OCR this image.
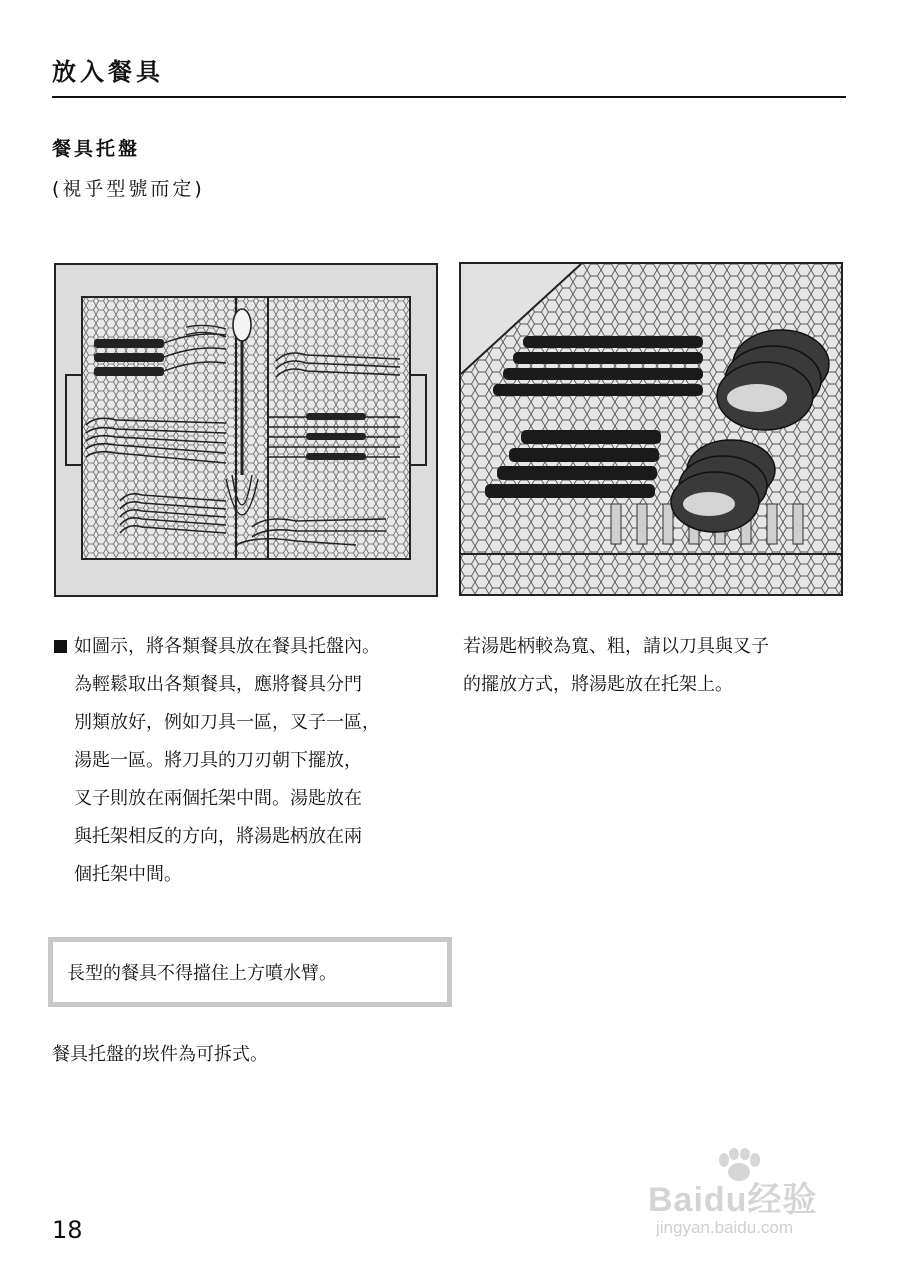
放入餐具
餐具托盤
(視乎型號而定)
如圖示，將各類餐具放在餐具托盤內。
為輕鬆取出各類餐具，應將餐具分門
別類放好，例如刀具一區，叉子一區，
湯匙一區。將刀具的刀刃朝下擺放，
叉子則放在兩個托架中間。湯匙放在
與托架相反的方向，將湯匙柄放在兩
個托架中間。
若湯匙柄較為寬、粗，請以刀具與叉子
的擺放方式，將湯匙放在托架上。
長型的餐具不得擋住上方噴水臂。
餐具托盤的崁件為可拆式。
18
Baidu经验
jingyan.baidu.com
